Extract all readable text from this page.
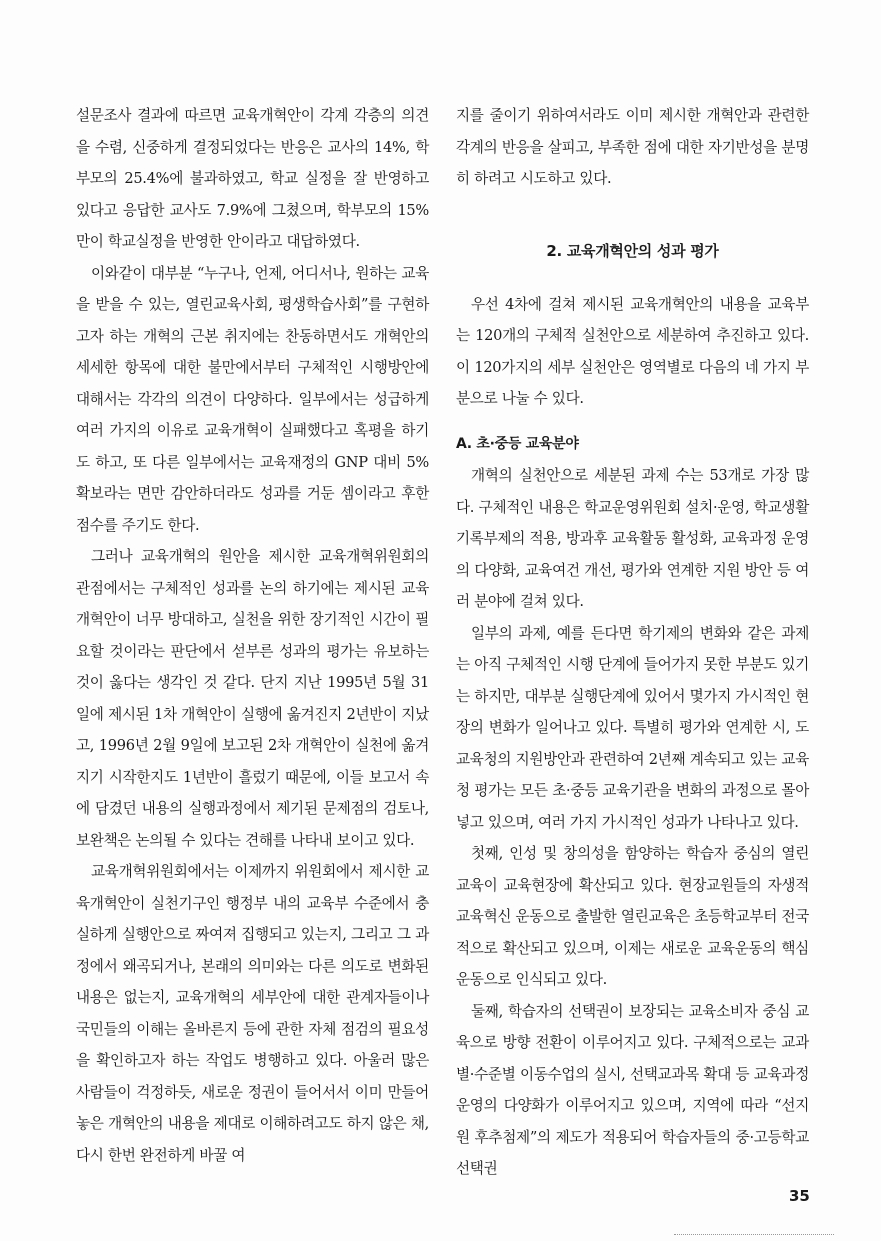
설문조사 결과에 따르면 교육개혁안이 각계 각층의 의견을 수렴, 신중하게 결정되었다는 반응은 교사의 14%, 학부모의 25.4%에 불과하였고, 학교 실정을 잘 반영하고 있다고 응답한 교사도 7.9%에 그쳤으며, 학부모의 15%만이 학교실정을 반영한 안이라고 대답하였다.

이와같이 대부분 “누구나, 언제, 어디서나, 원하는 교육을 받을 수 있는, 열린교육사회, 평생학습사회”를 구현하고자 하는 개혁의 근본 취지에는 찬동하면서도 개혁안의 세세한 항목에 대한 불만에서부터 구체적인 시행방안에 대해서는 각각의 의견이 다양하다. 일부에서는 성급하게 여러 가지의 이유로 교육개혁이 실패했다고 혹평을 하기도 하고, 또 다른 일부에서는 교육재정의 GNP 대비 5% 확보라는 면만 감안하더라도 성과를 거둔 셈이라고 후한 점수를 주기도 한다.

그러나 교육개혁의 원안을 제시한 교육개혁위원회의 관점에서는 구체적인 성과를 논의 하기에는 제시된 교육개혁안이 너무 방대하고, 실천을 위한 장기적인 시간이 필요할 것이라는 판단에서 섣부른 성과의 평가는 유보하는 것이 옳다는 생각인 것 같다. 단지 지난 1995년 5월 31일에 제시된 1차 개혁안이 실행에 옮겨진지 2년반이 지났고, 1996년 2월 9일에 보고된 2차 개혁안이 실천에 옮겨지기 시작한지도 1년반이 흘렀기 때문에, 이들 보고서 속에 담겼던 내용의 실행과정에서 제기된 문제점의 검토나, 보완책은 논의될 수 있다는 견해를 나타내 보이고 있다.

교육개혁위원회에서는 이제까지 위원회에서 제시한 교육개혁안이 실천기구인 행정부 내의 교육부 수준에서 충실하게 실행안으로 짜여져 집행되고 있는지, 그리고 그 과정에서 왜곡되거나, 본래의 의미와는 다른 의도로 변화된 내용은 없는지, 교육개혁의 세부안에 대한 관계자들이나 국민들의 이해는 올바른지 등에 관한 자체 점검의 필요성을 확인하고자 하는 작업도 병행하고 있다. 아울러 많은 사람들이 걱정하듯, 새로운 정권이 들어서서 이미 만들어 놓은 개혁안의 내용을 제대로 이해하려고도 하지 않은 채, 다시 한번 완전하게 바꿀 여

지를 줄이기 위하여서라도 이미 제시한 개혁안과 관련한 각계의 반응을 살피고, 부족한 점에 대한 자기반성을 분명히 하려고 시도하고 있다.

2. 교육개혁안의 성과 평가

우선 4차에 걸쳐 제시된 교육개혁안의 내용을 교육부는 120개의 구체적 실천안으로 세분하여 추진하고 있다. 이 120가지의 세부 실천안은 영역별로 다음의 네 가지 부분으로 나눌 수 있다.

A. 초·중등 교육분야

개혁의 실천안으로 세분된 과제 수는 53개로 가장 많다. 구체적인 내용은 학교운영위원회 설치·운영, 학교생활기록부제의 적용, 방과후 교육활동 활성화, 교육과정 운영의 다양화, 교육여건 개선, 평가와 연계한 지원 방안 등 여러 분야에 걸쳐 있다.

일부의 과제, 예를 든다면 학기제의 변화와 같은 과제는 아직 구체적인 시행 단계에 들어가지 못한 부분도 있기는 하지만, 대부분 실행단계에 있어서 몇가지 가시적인 현장의 변화가 일어나고 있다. 특별히 평가와 연계한 시, 도교육청의 지원방안과 관련하여 2년째 계속되고 있는 교육청 평가는 모든 초·중등 교육기관을 변화의 과정으로 몰아넣고 있으며, 여러 가지 가시적인 성과가 나타나고 있다.

첫째, 인성 및 창의성을 함양하는 학습자 중심의 열린교육이 교육현장에 확산되고 있다. 현장교원들의 자생적 교육혁신 운동으로 출발한 열린교육은 초등학교부터 전국적으로 확산되고 있으며, 이제는 새로운 교육운동의 핵심운동으로 인식되고 있다.

둘째, 학습자의 선택권이 보장되는 교육소비자 중심 교육으로 방향 전환이 이루어지고 있다. 구체적으로는 교과별·수준별 이동수업의 실시, 선택교과목 확대 등 교육과정 운영의 다양화가 이루어지고 있으며, 지역에 따라 “선지원 후추첨제”의 제도가 적용되어 학습자들의 중·고등학교 선택권

35
